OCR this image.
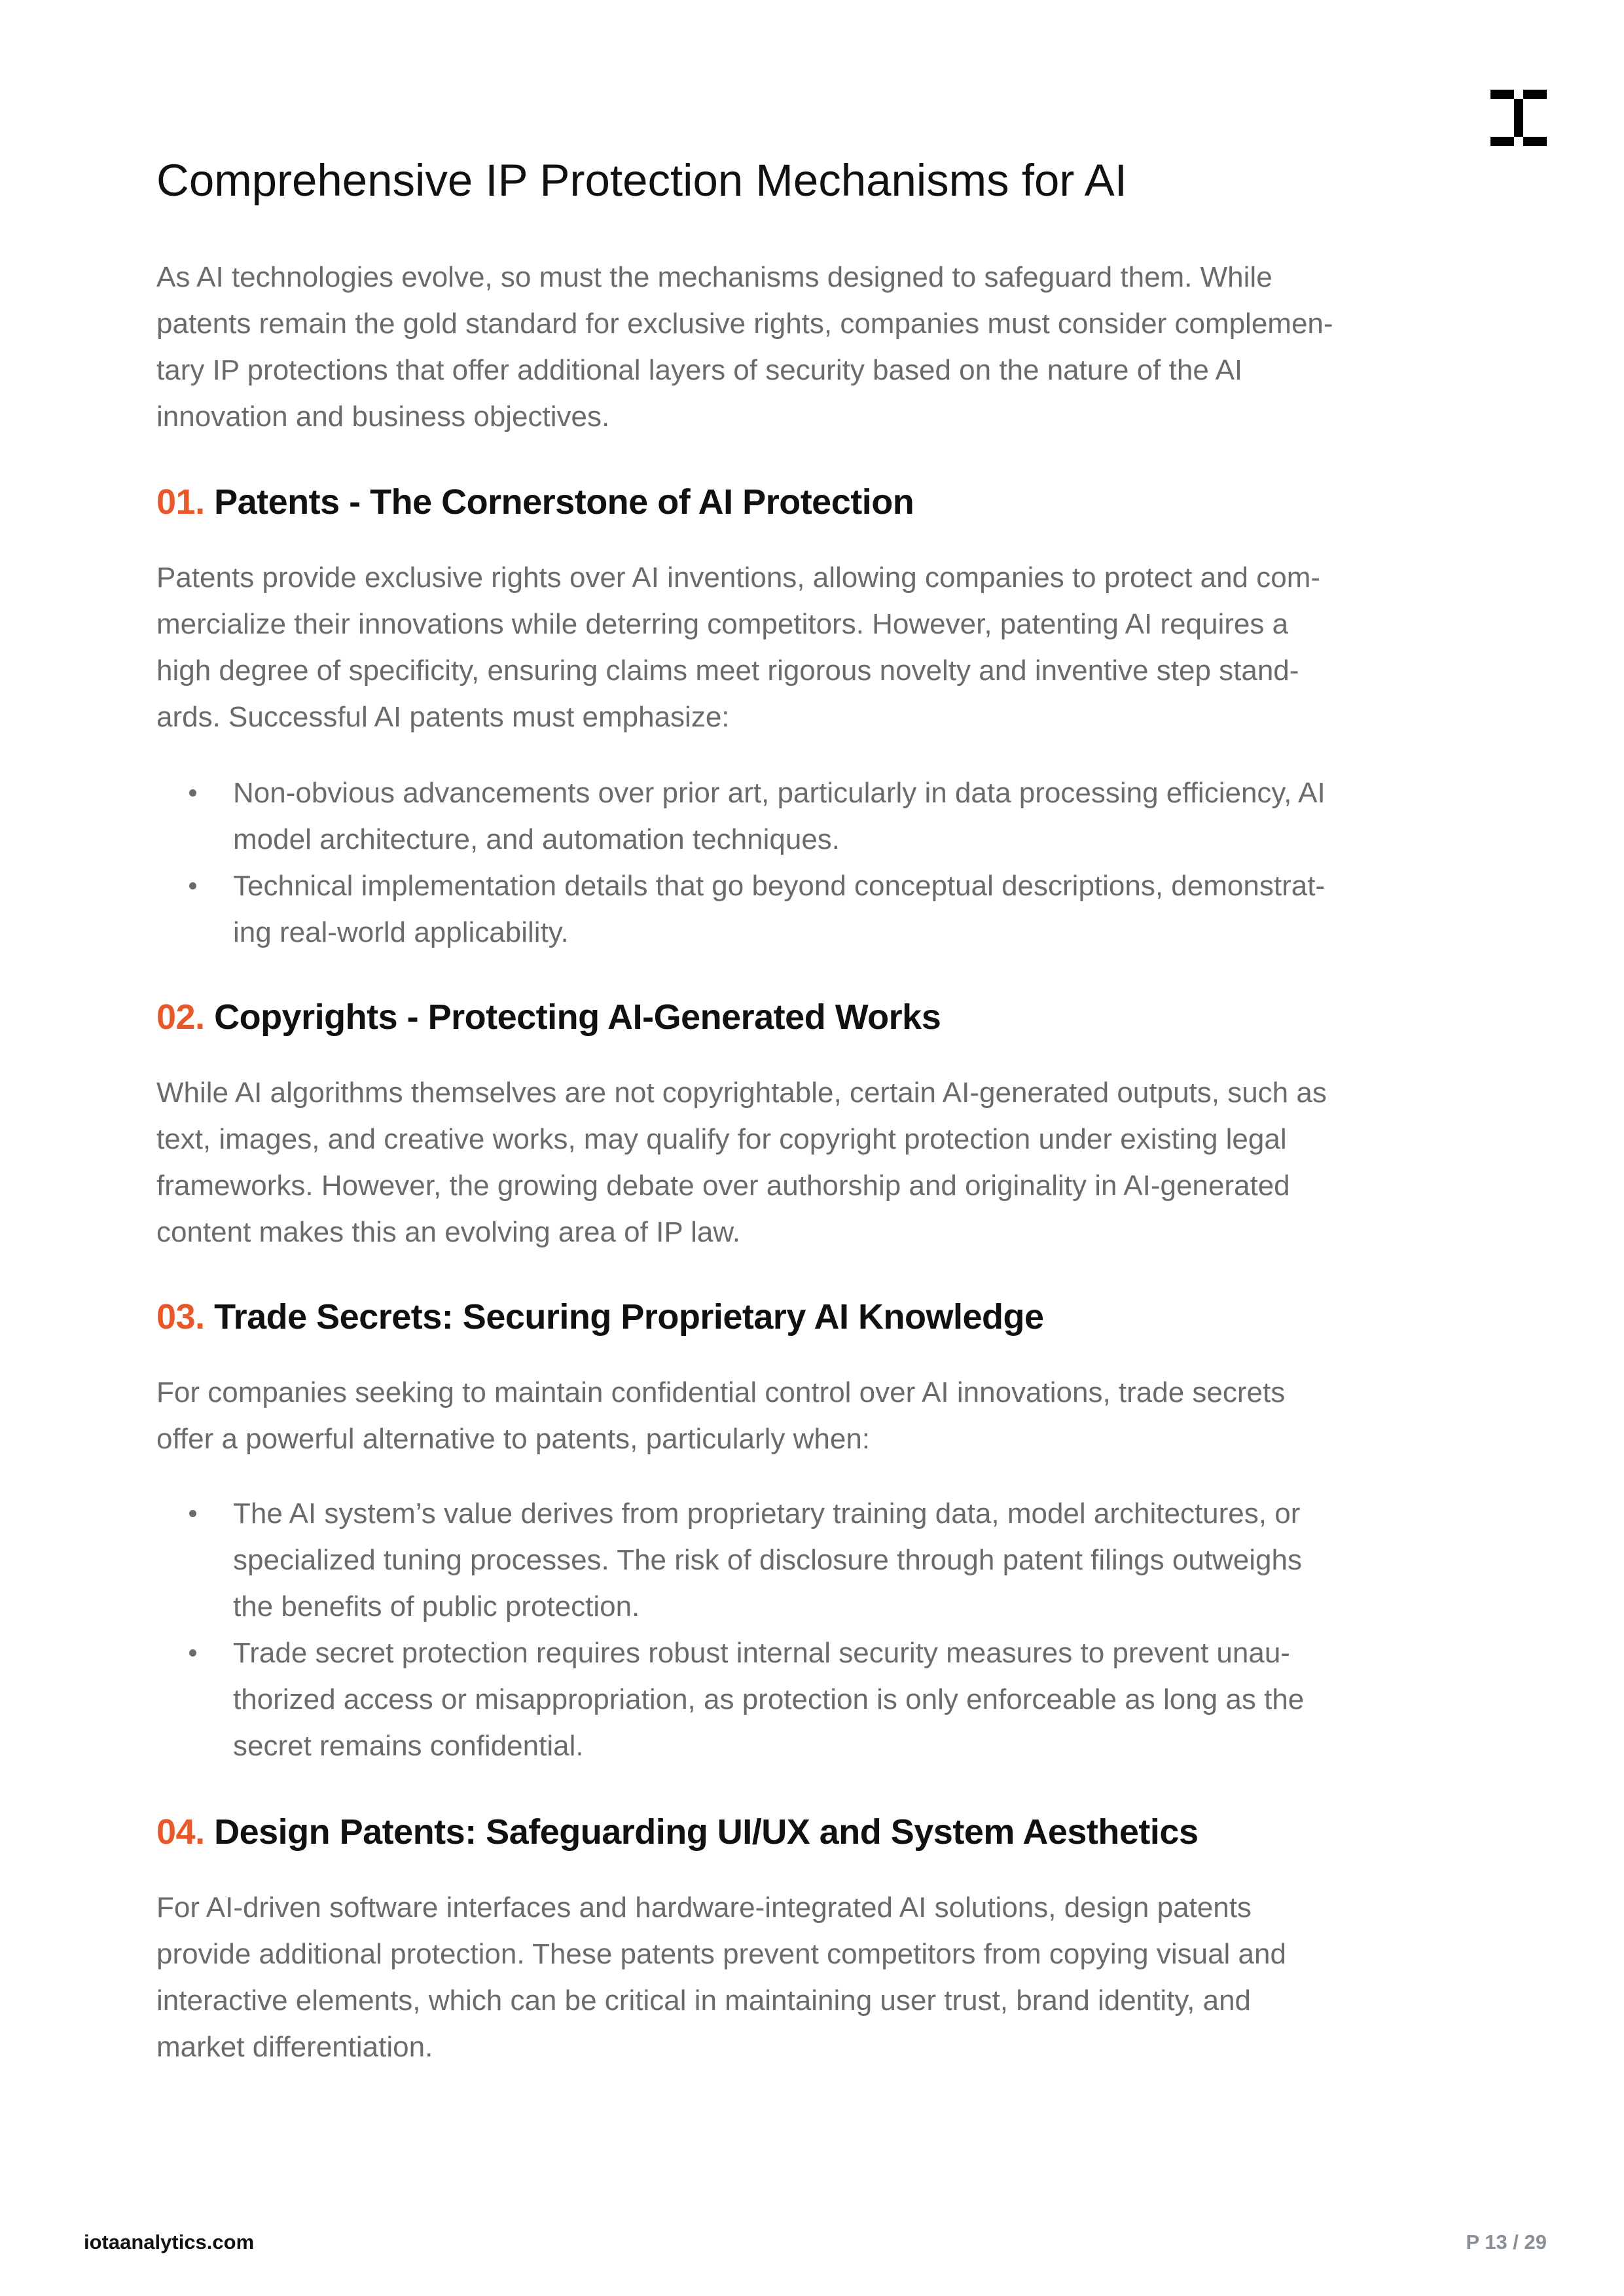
Comprehensive IP Protection Mechanisms for AI
As AI technologies evolve, so must the mechanisms designed to safeguard them. While
patents remain the gold standard for exclusive rights, companies must consider complemen-
tary IP protections that offer additional layers of security based on the nature of the AI
innovation and business objectives.
01. Patents - The Cornerstone of AI Protection
Patents provide exclusive rights over AI inventions, allowing companies to protect and com-
mercialize their innovations while deterring competitors. However, patenting AI requires a
high degree of specificity, ensuring claims meet rigorous novelty and inventive step stand-
ards. Successful AI patents must emphasize:
Non-obvious advancements over prior art, particularly in data processing efficiency, AI
model architecture, and automation techniques.
Technical implementation details that go beyond conceptual descriptions, demonstrat-
ing real-world applicability.
02. Copyrights - Protecting AI-Generated Works
While AI algorithms themselves are not copyrightable, certain AI-generated outputs, such as
text, images, and creative works, may qualify for copyright protection under existing legal
frameworks. However, the growing debate over authorship and originality in AI-generated
content makes this an evolving area of IP law.
03. Trade Secrets: Securing Proprietary AI Knowledge
For companies seeking to maintain confidential control over AI innovations, trade secrets
offer a powerful alternative to patents, particularly when:
The AI system’s value derives from proprietary training data, model architectures, or
specialized tuning processes. The risk of disclosure through patent filings outweighs
the benefits of public protection.
Trade secret protection requires robust internal security measures to prevent unau-
thorized access or misappropriation, as protection is only enforceable as long as the
secret remains confidential.
04. Design Patents: Safeguarding UI/UX and System Aesthetics
For AI-driven software interfaces and hardware-integrated AI solutions, design patents
provide additional protection. These patents prevent competitors from copying visual and
interactive elements, which can be critical in maintaining user trust, brand identity, and
market differentiation.
iotaanalytics.com	P 13 / 29
